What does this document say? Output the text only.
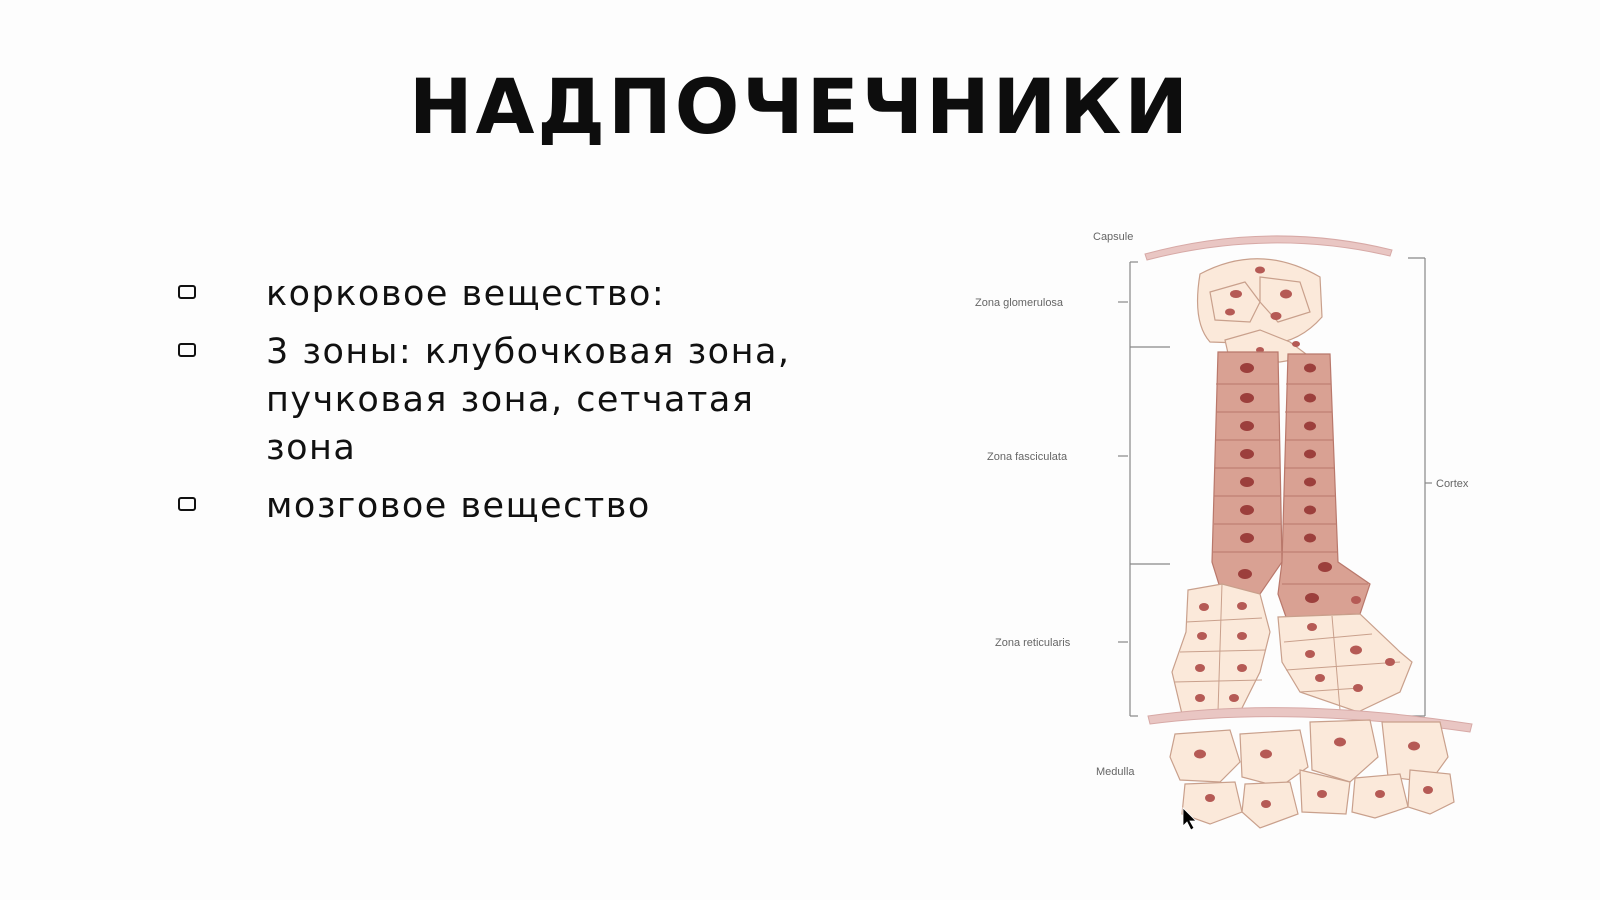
НАДПОЧЕЧНИКИ
корковое вещество:
3 зоны: клубочковая зона, пучковая зона, сетчатая зона
мозговое вещество
Capsule
Zona glomerulosa
Zona fasciculata
Zona reticularis
Medulla
Cortex
